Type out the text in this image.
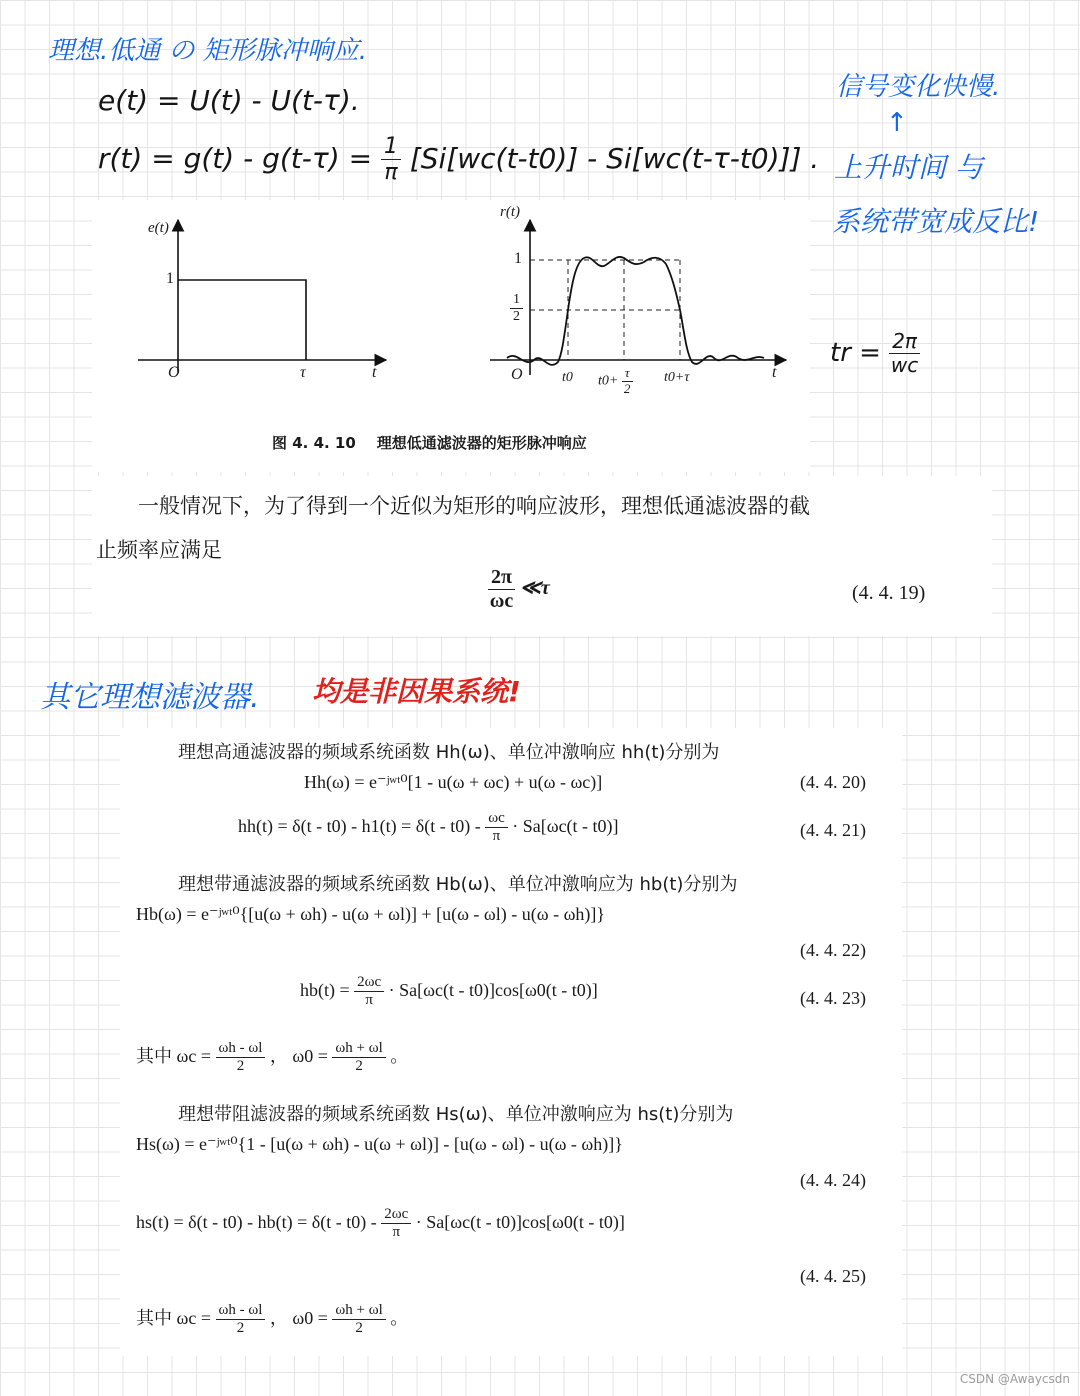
理想.低通 の 矩形脉冲响应.
e(t) = U(t) - U(t-τ).
$r(t) = g(t) - g(t-\tau) = \frac{1}{\pi} [Si[wc(t-t0)] - Si[wc(t-\tau-t0)]]$ .
信号变化快慢.
↑
上升时间 与
系统带宽成反比!
e(t)
1
O	τ	t
r(t)
1
$\frac{1}{2}$
O	t0 $t0+ \frac{\tau}{2} t0+\tau$	t
图 4. 4. 10    理想低通滤波器的矩形脉冲响应
tr = $\frac{2\pi}{wc}$
一般情况下，为了得到一个近似为矩形的响应波形，理想低通滤波器的截
止频率应满足
$\frac{2\pi}{\omega c}$ ≪τ	(4. 4. 19)
其它理想滤波器. 均是非因果系统!
理想高通滤波器的频域系统函数 Hh(ω)、单位冲激响应 hh(t)分别为
Hh(ω) = e⁻ʲʷᵗ⁰[1 - u(ω + ωc) + u(ω - ωc)]	(4. 4. 20)
$hh(t) = \delta(t - t0) - h1(t) = \delta(t - t0) - \frac{\omega c}{\pi} \cdot Sa[\omega c(t - t0)]$	(4. 4. 21)
理想带通滤波器的频域系统函数 Hb(ω)、单位冲激响应为 hb(t)分别为
Hb(ω) = e⁻ʲʷᵗ⁰{[u(ω + ωh) - u(ω + ωl)] + [u(ω - ωl) - u(ω - ωh)]}
(4. 4. 22)
$hb(t) = \frac{2\omega c}{\pi} \cdot Sa[\omega c(t - t0)]\cos[\omega 0(t - t0)]$	(4. 4. 23)
其中 $\omega c = \frac{\omega h - \omega l}{2}$ ， $\omega 0 = \frac{\omega h + \omega l}{2}$ 。
理想带阻滤波器的频域系统函数 Hs(ω)、单位冲激响应为 hs(t)分别为
Hs(ω) = e⁻ʲʷᵗ⁰{1 - [u(ω + ωh) - u(ω + ωl)] - [u(ω - ωl) - u(ω - ωh)]}
(4. 4. 24)
$hs(t) = \delta(t - t0) - hb(t) = \delta(t - t0) - \frac{2\omega c}{\pi} \cdot Sa[\omega c(t - t0)]\cos[\omega 0(t - t0)]$
(4. 4. 25)
其中 $\omega c = \frac{\omega h - \omega l}{2}$ ， $\omega 0 = \frac{\omega h + \omega l}{2}$ 。
CSDN @Awaycsdn
